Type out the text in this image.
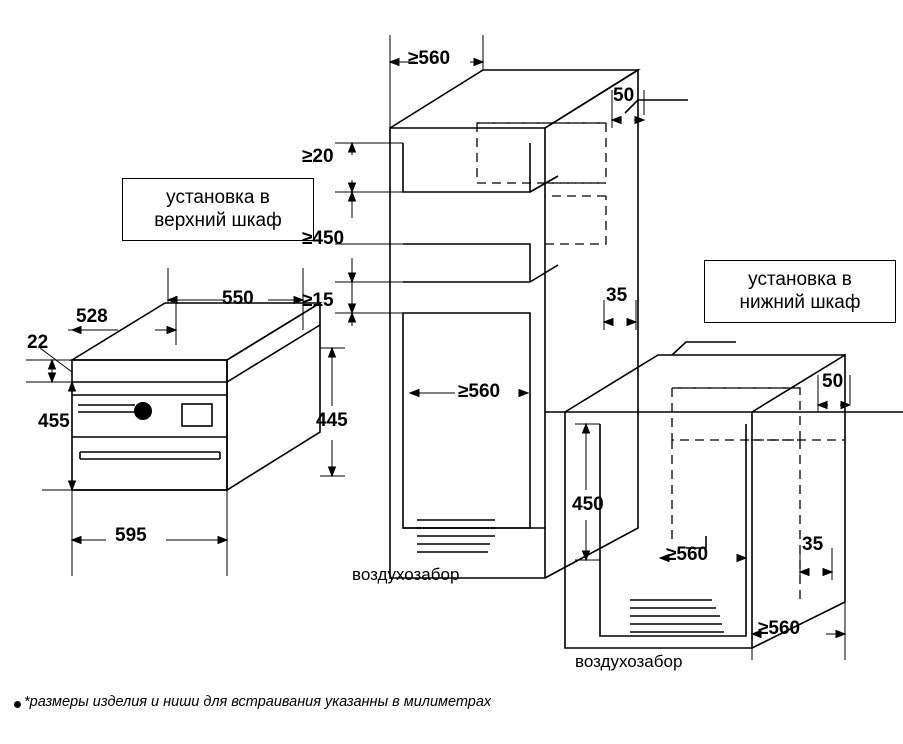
установка в
верхний шкаф
установка в
нижний шкаф
550
528
22
455	445
595
≥560
≥20
≥450
≥15
≥560
50
35
450
≥560
≥560
50
35
воздухозабор
воздухозабор
*размеры изделия и ниши для встраивания указанны в милиметрах
